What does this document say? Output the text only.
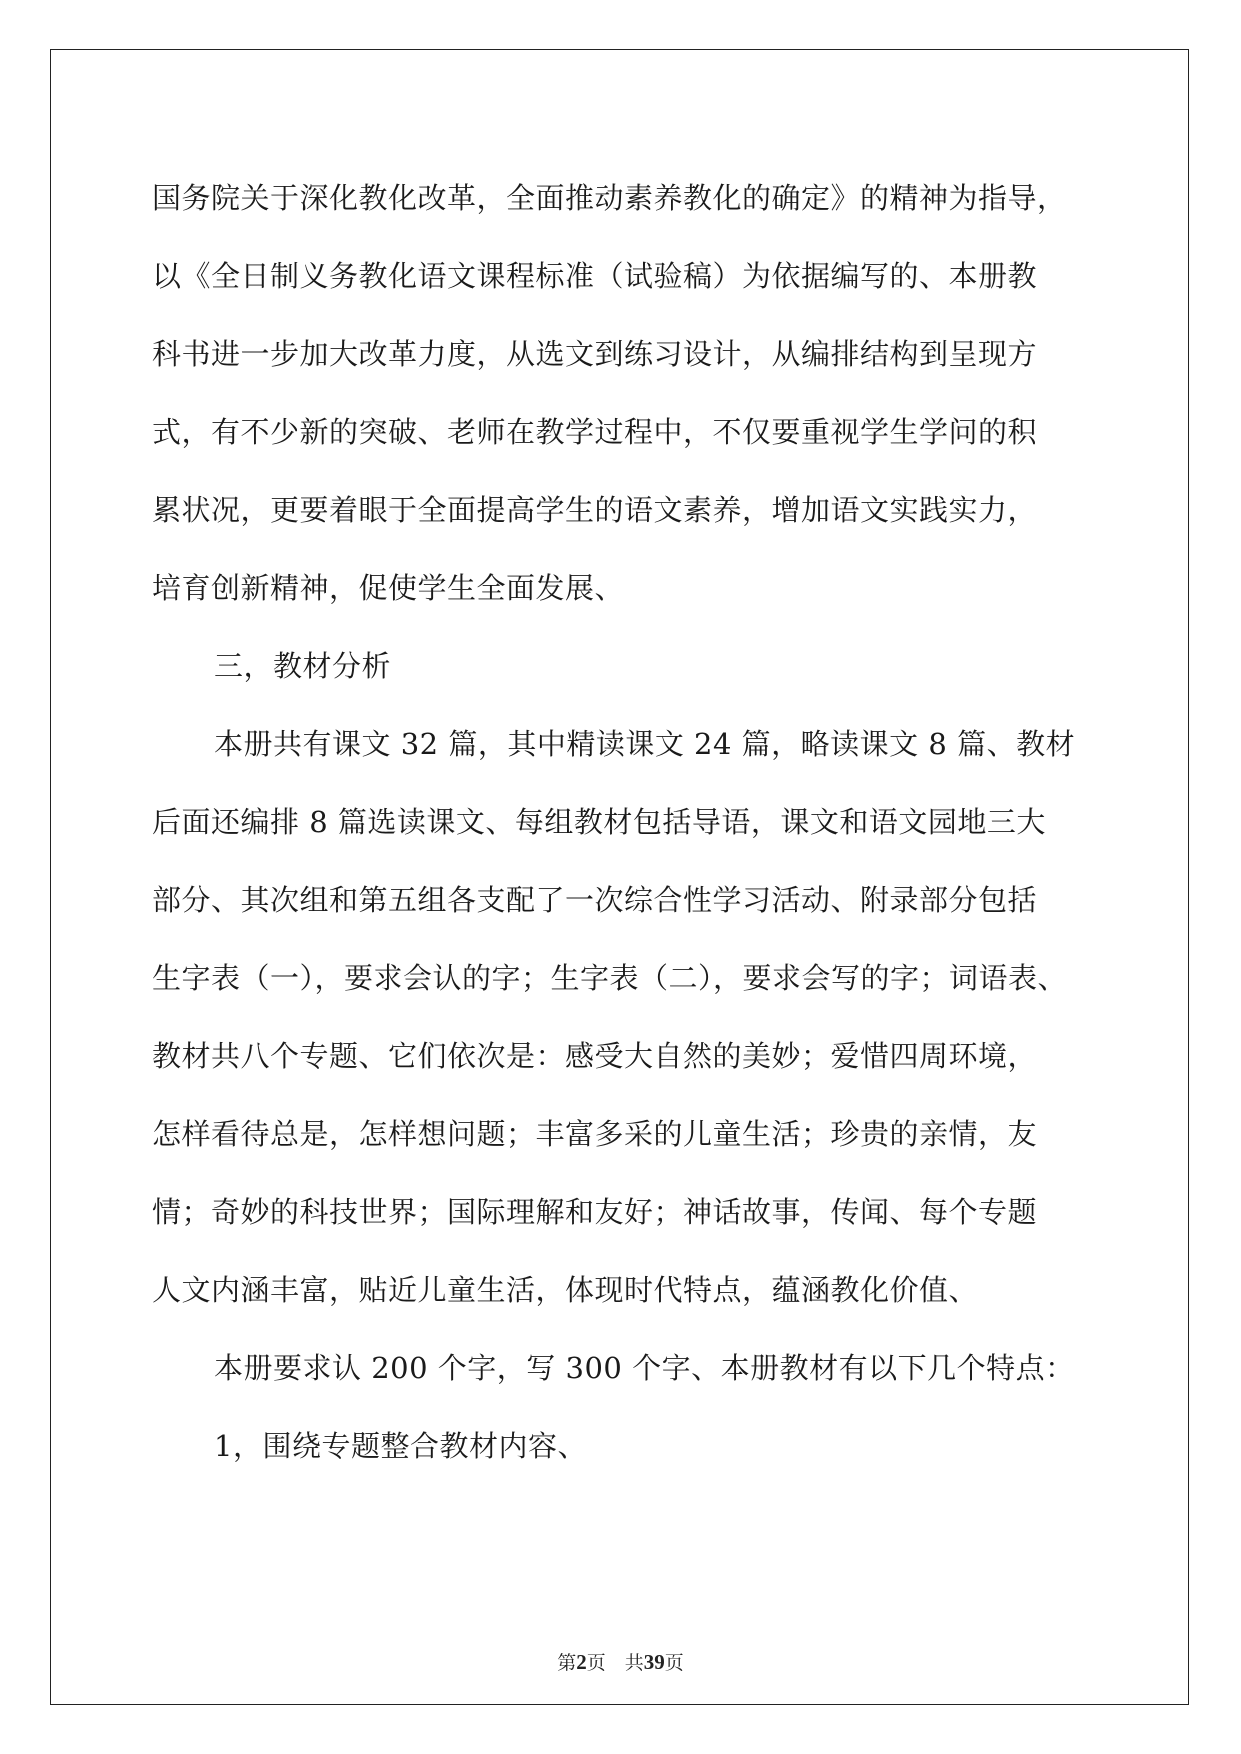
国务院关于深化教化改革，全面推动素养教化的确定》的精神为指导，
以《全日制义务教化语文课程标准（试验稿）为依据编写的、本册教
科书进一步加大改革力度，从选文到练习设计，从编排结构到呈现方
式，有不少新的突破、老师在教学过程中，不仅要重视学生学问的积
累状况，更要着眼于全面提高学生的语文素养，增加语文实践实力，
培育创新精神，促使学生全面发展、
三，教材分析
本册共有课文 32 篇，其中精读课文 24 篇，略读课文 8 篇、教材
后面还编排 8 篇选读课文、每组教材包括导语，课文和语文园地三大
部分、其次组和第五组各支配了一次综合性学习活动、附录部分包括
生字表（一），要求会认的字；生字表（二），要求会写的字；词语表、
教材共八个专题、它们依次是：感受大自然的美妙；爱惜四周环境，
怎样看待总是，怎样想问题；丰富多采的儿童生活；珍贵的亲情，友
情；奇妙的科技世界；国际理解和友好；神话故事，传闻、每个专题
人文内涵丰富，贴近儿童生活，体现时代特点，蕴涵教化价值、
本册要求认 200 个字，写 300 个字、本册教材有以下几个特点：
1，围绕专题整合教材内容、
第2页　共39页
